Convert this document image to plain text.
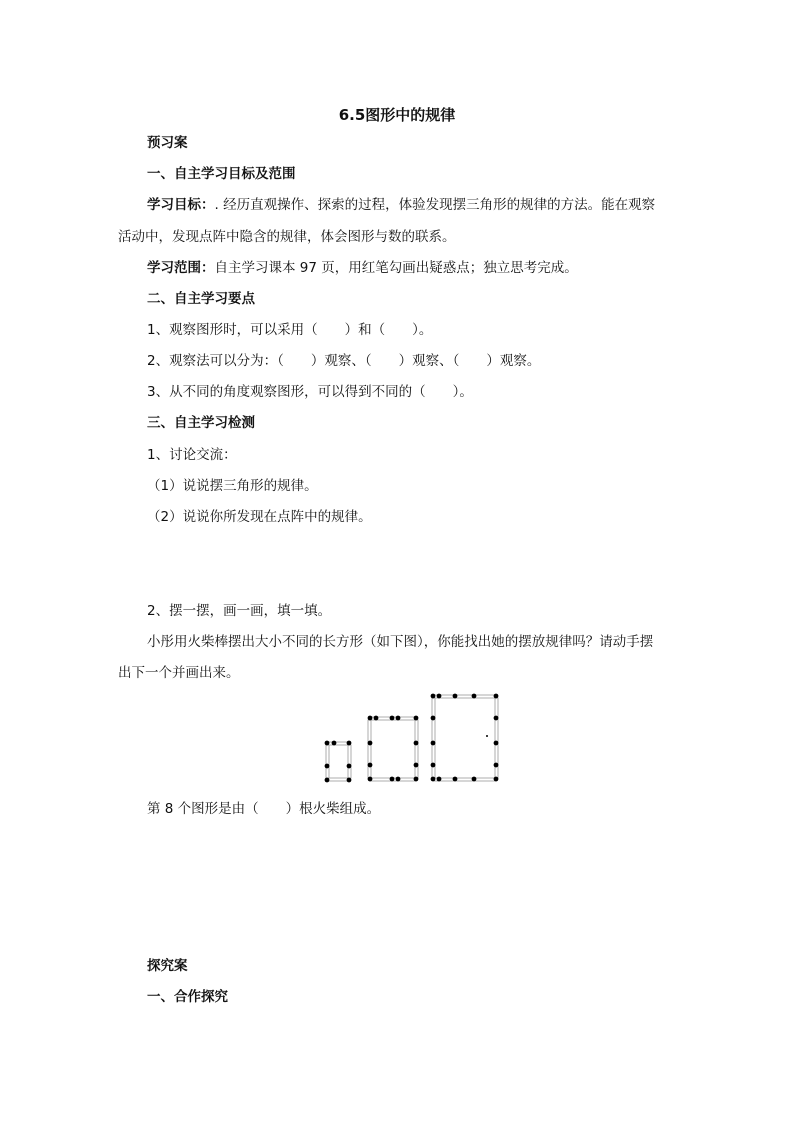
6.5图形中的规律
预习案
一、自主学习目标及范围
学习目标：. 经历直观操作、探索的过程，体验发现摆三角形的规律的方法。能在观察
活动中，发现点阵中隐含的规律，体会图形与数的联系。
学习范围：自主学习课本 97 页，用红笔勾画出疑惑点；独立思考完成。
二、自主学习要点
1、观察图形时，可以采用（　　）和（　　）。
2、观察法可以分为：（　　）观察、（　　）观察、（　　）观察。
3、从不同的角度观察图形，可以得到不同的（　　）。
三、自主学习检测
1、讨论交流：
（1）说说摆三角形的规律。
（2）说说你所发现在点阵中的规律。
2、摆一摆，画一画，填一填。
小彤用火柴棒摆出大小不同的长方形（如下图），你能找出她的摆放规律吗？请动手摆
出下一个并画出来。
第 8 个图形是由（　　）根火柴组成。
探究案
一、合作探究
